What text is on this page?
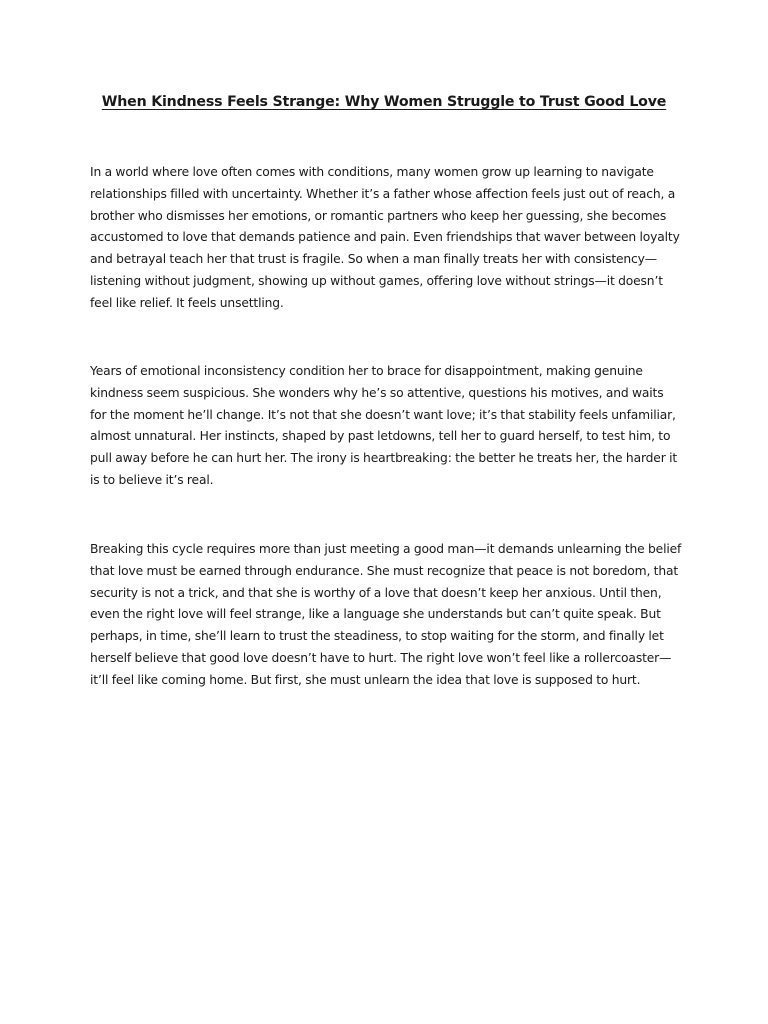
When Kindness Feels Strange: Why Women Struggle to Trust Good Love

In a world where love often comes with conditions, many women grow up learning to navigate relationships filled with uncertainty. Whether it’s a father whose affection feels just out of reach, a brother who dismisses her emotions, or romantic partners who keep her guessing, she becomes accustomed to love that demands patience and pain. Even friendships that waver between loyalty and betrayal teach her that trust is fragile. So when a man finally treats her with consistency—listening without judgment, showing up without games, offering love without strings—it doesn’t feel like relief. It feels unsettling.

Years of emotional inconsistency condition her to brace for disappointment, making genuine kindness seem suspicious. She wonders why he’s so attentive, questions his motives, and waits for the moment he’ll change. It’s not that she doesn’t want love; it’s that stability feels unfamiliar, almost unnatural. Her instincts, shaped by past letdowns, tell her to guard herself, to test him, to pull away before he can hurt her. The irony is heartbreaking: the better he treats her, the harder it is to believe it’s real.

Breaking this cycle requires more than just meeting a good man—it demands unlearning the belief that love must be earned through endurance. She must recognize that peace is not boredom, that security is not a trick, and that she is worthy of a love that doesn’t keep her anxious. Until then, even the right love will feel strange, like a language she understands but can’t quite speak. But perhaps, in time, she’ll learn to trust the steadiness, to stop waiting for the storm, and finally let herself believe that good love doesn’t have to hurt. The right love won’t feel like a rollercoaster—it’ll feel like coming home. But first, she must unlearn the idea that love is supposed to hurt.
